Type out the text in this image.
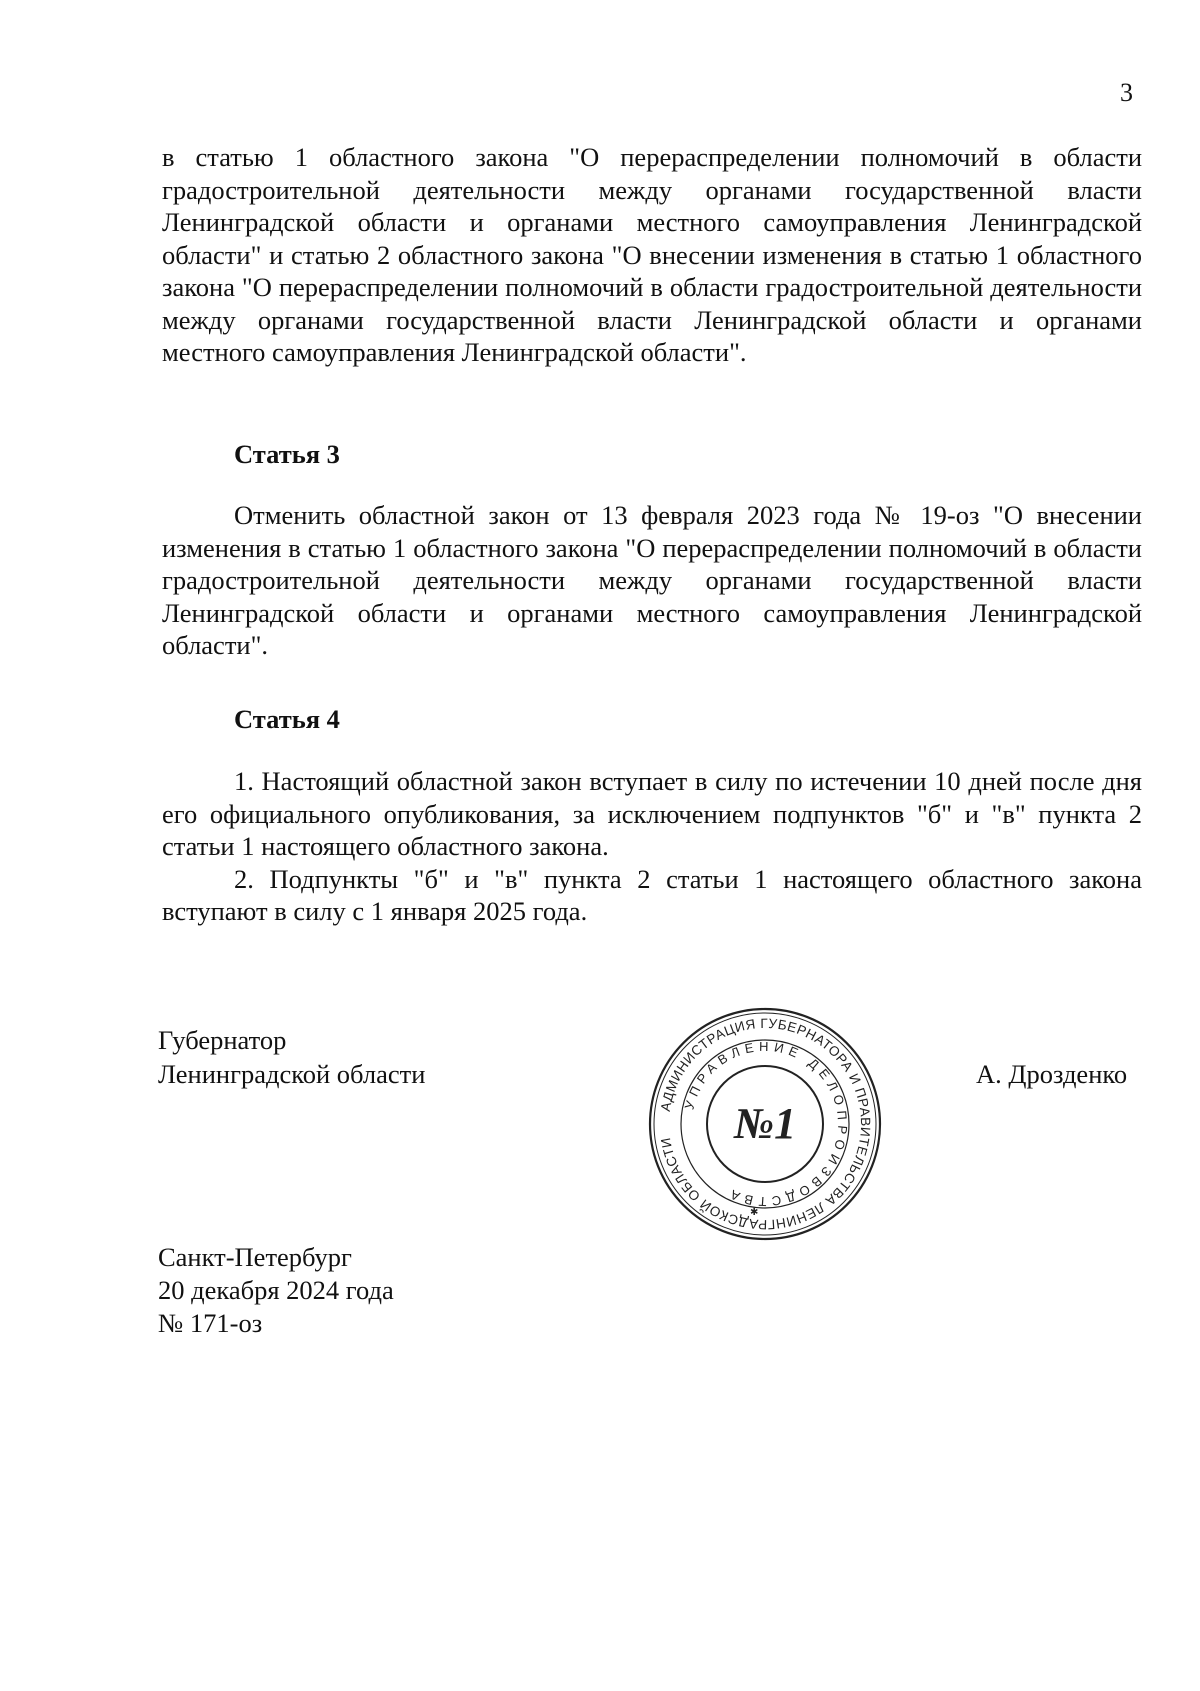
3

в статью 1 областного закона "О перераспределении полномочий в области градостроительной деятельности между органами государственной власти Ленинградской области и органами местного самоуправления Ленинградской области" и статью 2 областного закона "О внесении изменения в статью 1 областного закона "О перераспределении полномочий в области градостроительной деятельности между органами государственной власти Ленинградской области и органами местного самоуправления Ленинградской области".

Статья 3

Отменить областной закон от 13 февраля 2023 года № 19-оз "О внесении изменения в статью 1 областного закона "О перераспределении полномочий в области градостроительной деятельности между органами государственной власти Ленинградской области и органами местного самоуправления Ленинградской области".

Статья 4

1. Настоящий областной закон вступает в силу по истечении 10 дней после дня его официального опубликования, за исключением подпунктов "б" и "в" пункта 2 статьи 1 настоящего областного закона.

2. Подпункты "б" и "в" пункта 2 статьи 1 настоящего областного закона вступают в силу с 1 января 2025 года.

Губернатор
Ленинградской области
АДМИНИСТРАЦИЯ ГУБЕРНАТОРА И ПРАВИТЕЛЬСТВА ЛЕНИНГРАДСКОЙ ОБЛАСТИ
УПРАВЛЕНИЕ ДЕЛОПРОИЗВОДСТВА
№1
✱
А. Дрозденко
Санкт-Петербург
20 декабря 2024 года
№ 171-оз
